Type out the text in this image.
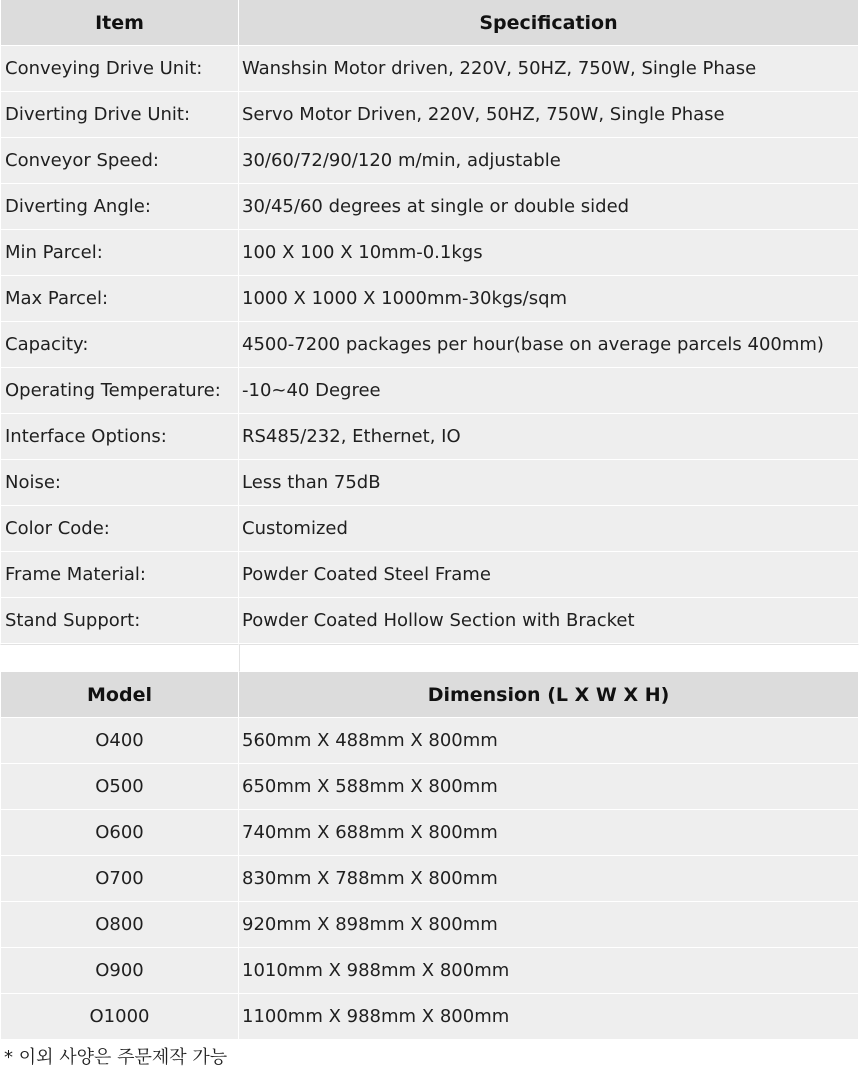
Item	Specification
Conveying Drive Unit:	Wanshsin Motor driven, 220V, 50HZ, 750W, Single Phase
Diverting Drive Unit:	Servo Motor Driven, 220V, 50HZ, 750W, Single Phase
Conveyor Speed:	30/60/72/90/120 m/min, adjustable
Diverting Angle:	30/45/60 degrees at single or double sided
Min Parcel:	100 X 100 X 10mm-0.1kgs
Max Parcel:	1000 X 1000 X 1000mm-30kgs/sqm
Capacity:	4500-7200 packages per hour(base on average parcels 400mm)
Operating Temperature:	-10~40 Degree
Interface Options:	RS485/232, Ethernet, IO
Noise:	Less than 75dB
Color Code:	Customized
Frame Material:	Powder Coated Steel Frame
Stand Support:	Powder Coated Hollow Section with Bracket

Model	Dimension (L X W X H)
O400	560mm X 488mm X 800mm
O500	650mm X 588mm X 800mm
O600	740mm X 688mm X 800mm
O700	830mm X 788mm X 800mm
O800	920mm X 898mm X 800mm
O900	1010mm X 988mm X 800mm
O1000	1100mm X 988mm X 800mm
* 이외 사양은 주문제작 가능
